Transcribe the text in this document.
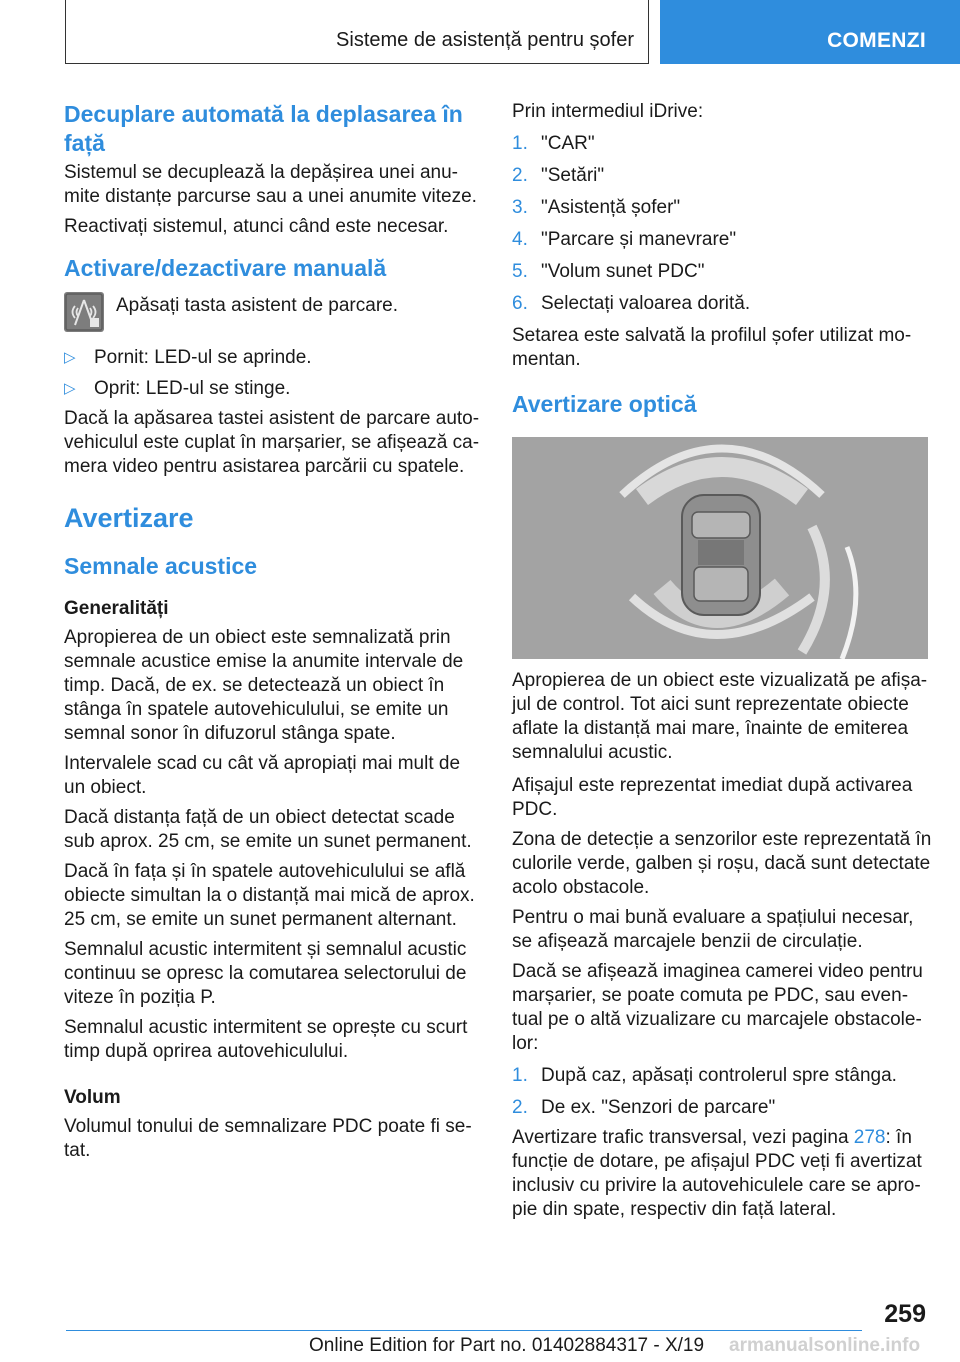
Sisteme de asistență pentru șofer	COMENZI
Decuplare automată la deplasarea în față

Sistemul se decuplează la depășirea unei anumite distanțe parcurse sau a unei anumite viteze.

Reactivați sistemul, atunci când este necesar.

Activare/dezactivare manuală

Apăsați tasta asistent de parcare.

▷ Pornit: LED-ul se aprinde.
▷ Oprit: LED-ul se stinge.

Dacă la apăsarea tastei asistent de parcare autovehiculul este cuplat în marșarier, se afișează camera video pentru asistarea parcării cu spatele.

Avertizare
Semnale acustice
Generalități

Apropierea de un obiect este semnalizată prin semnale acustice emise la anumite intervale de timp. Dacă, de ex. se detectează un obiect în stânga în spatele autovehiculului, se emite un semnal sonor în difuzorul stânga spate.

Intervalele scad cu cât vă apropiați mai mult de un obiect.

Dacă distanța față de un obiect detectat scade sub aprox. 25 cm, se emite un sunet permanent.

Dacă în fața și în spatele autovehiculului se află obiecte simultan la o distanță mai mică de aprox. 25 cm, se emite un sunet permanent alternant.

Semnalul acustic intermitent și semnalul acustic continuu se opresc la comutarea selectorului de viteze în poziția P.

Semnalul acustic intermitent se oprește cu scurt timp după oprirea autovehiculului.

Volum

Volumul tonului de semnalizare PDC poate fi setat.

Prin intermediul iDrive:

1. "CAR"
2. "Setări"
3. "Asistență șofer"
4. "Parcare și manevrare"
5. "Volum sunet PDC"
6. Selectați valoarea dorită.

Setarea este salvată la profilul șofer utilizat momentan.

Avertizare optică

Apropierea de un obiect este vizualizată pe afișajul de control. Tot aici sunt reprezentate obiecte aflate la distanță mai mare, înainte de emiterea semnalului acustic.

Afișajul este reprezentat imediat după activarea PDC.

Zona de detecție a senzorilor este reprezentată în culorile verde, galben și roșu, dacă sunt detectate acolo obstacole.

Pentru o mai bună evaluare a spațiului necesar, se afișează marcajele benzii de circulație.

Dacă se afișează imaginea camerei video pentru marșarier, se poate comuta pe PDC, sau eventual pe o altă vizualizare cu marcajele obstacolelor:

1. După caz, apăsați controlerul spre stânga.
2. De ex. "Senzori de parcare"

Avertizare trafic transversal, vezi pagina 278: în funcție de dotare, pe afișajul PDC veți fi avertizat inclusiv cu privire la autovehiculele care se apropie din spate, respectiv din față lateral.

259
Online Edition for Part no. 01402884317 - X/19 armanualsonline.info
